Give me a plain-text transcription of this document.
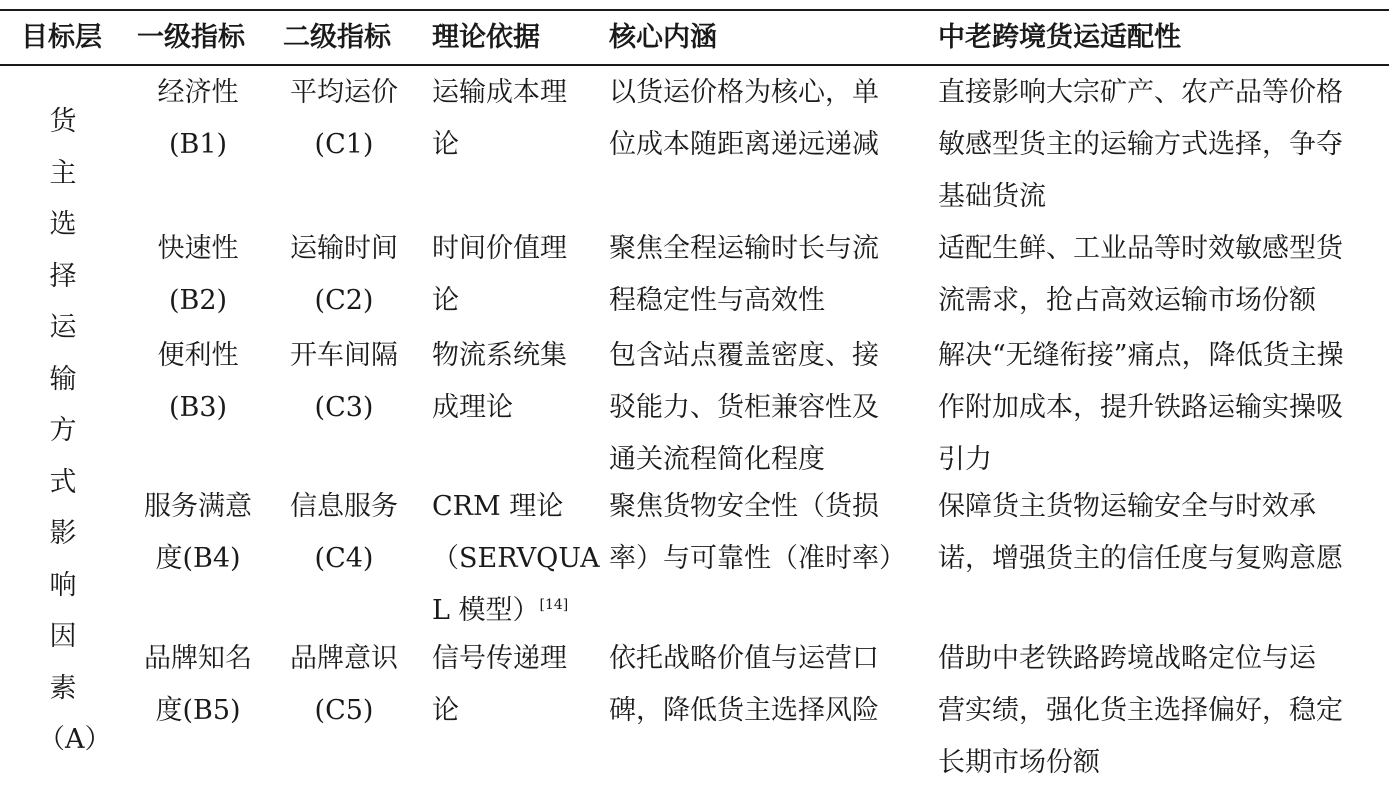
目标层 一级指标 二级指标 理论依据	核心内涵	中老跨境货运适配性
货
主
选
择
运
输
方
式
影
响
因
素
（A）
经济性
(B1)
平均运价
(C1)
运输成本理
论
以货运价格为核心，单
位成本随距离递远递减
直接影响大宗矿产、农产品等价格
敏感型货主的运输方式选择，争夺
基础货流
快速性
(B2)
运输时间
(C2)
时间价值理
论
聚焦全程运输时长与流
程稳定性与高效性
适配生鲜、工业品等时效敏感型货
流需求，抢占高效运输市场份额
便利性
(B3)
开车间隔
(C3)
物流系统集
成理论
包含站点覆盖密度、接
驳能力、货柜兼容性及
通关流程简化程度
解决“无缝衔接”痛点，降低货主操
作附加成本，提升铁路运输实操吸
引力
服务满意
度(B4)
信息服务
(C4)
CRM 理论
（SERVQUA
L 模型）[14]
聚焦货物安全性（货损
率）与可靠性（准时率）
保障货主货物运输安全与时效承
诺，增强货主的信任度与复购意愿
品牌知名
度(B5)
品牌意识
(C5)
信号传递理
论
依托战略价值与运营口
碑，降低货主选择风险
借助中老铁路跨境战略定位与运
营实绩，强化货主选择偏好，稳定
长期市场份额
